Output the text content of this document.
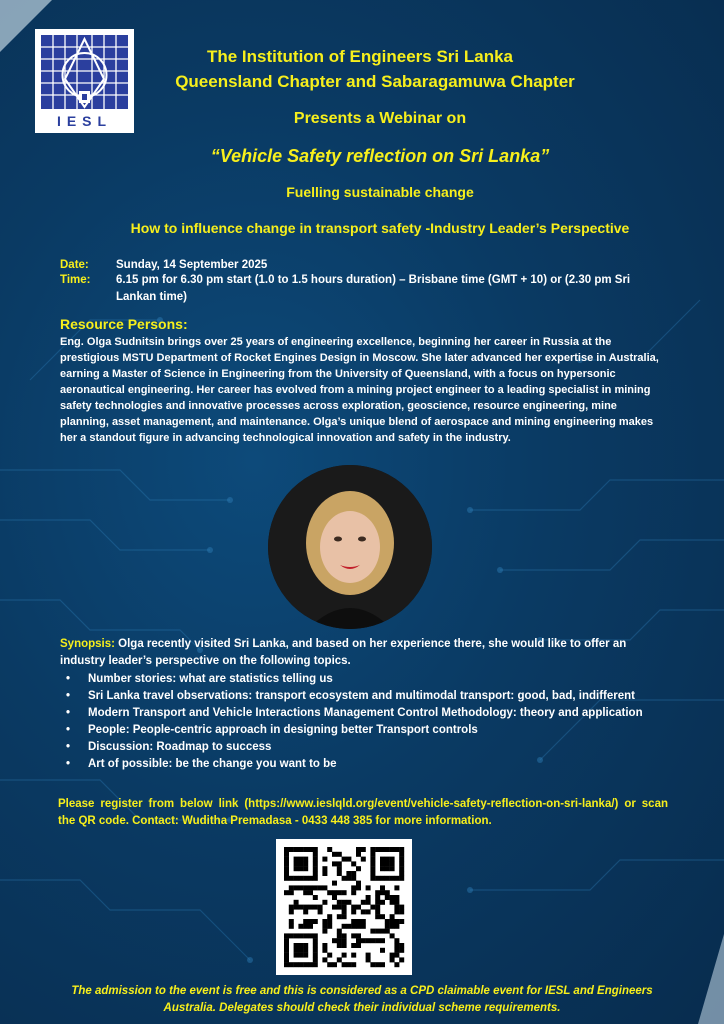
IESL
The Institution of Engineers Sri Lanka
Queensland Chapter and Sabaragamuwa Chapter
Presents a Webinar on
“Vehicle Safety reflection on Sri Lanka”
Fuelling sustainable change
How to influence change in transport safety -Industry Leader’s Perspective
Date: Sunday, 14 September 2025
Time:	6.15 pm for 6.30 pm start (1.0 to 1.5 hours duration) – Brisbane time (GMT + 10) or (2.30 pm Sri Lankan time)
Resource Persons:
Eng. Olga Sudnitsin brings over 25 years of engineering excellence, beginning her career in Russia at the prestigious MSTU Department of Rocket Engines Design in Moscow. She later advanced her expertise in Australia, earning a Master of Science in Engineering from the University of Queensland, with a focus on hypersonic aeronautical engineering. Her career has evolved from a mining project engineer to a leading specialist in mining safety technologies and innovative processes across exploration, geoscience, resource engineering, mine planning, asset management, and maintenance. Olga’s unique blend of aerospace and mining engineering makes her a standout figure in advancing technological innovation and safety in the industry.
Synopsis: Olga recently visited Sri Lanka, and based on her experience there, she would like to offer an industry leader’s perspective on the following topics.
• Number stories: what are statistics telling us
• Sri Lanka travel observations: transport ecosystem and multimodal transport: good, bad, indifferent
• Modern Transport and Vehicle Interactions Management Control Methodology: theory and application
• People: People-centric approach in designing better Transport controls
• Discussion: Roadmap to success
• Art of possible: be the change you want to be
Please register from below link (https://www.ieslqld.org/event/vehicle-safety-reflection-on-sri-lanka/) or scan the QR code. Contact: Wuditha Premadasa - 0433 448 385 for more information.
The admission to the event is free and this is considered as a CPD claimable event for IESL and Engineers Australia. Delegates should check their individual scheme requirements.
